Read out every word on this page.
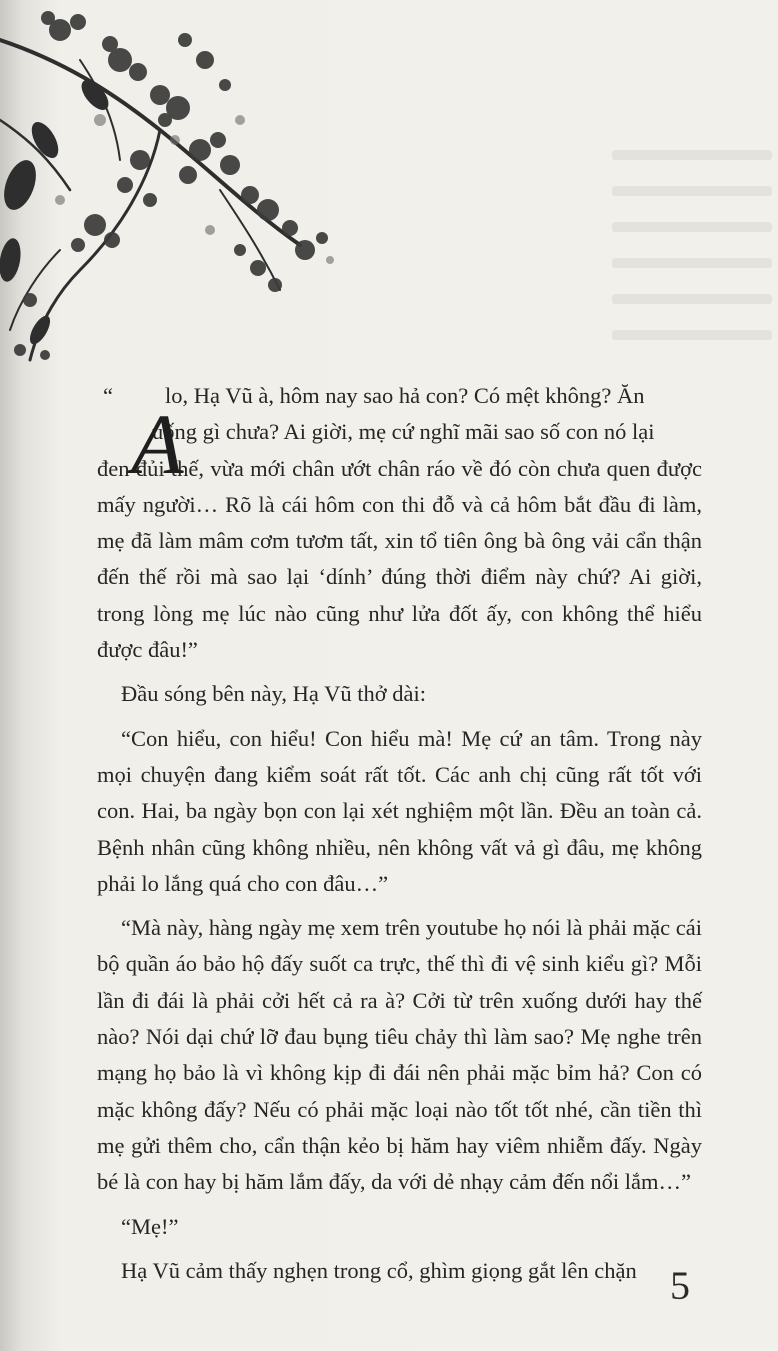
A

“ lo, Hạ Vũ à, hôm nay sao hả con? Có mệt không? Ăn

uống gì chưa? Ai giời, mẹ cứ nghĩ mãi sao số con nó lại

đen đủi thế, vừa mới chân ướt chân ráo về đó còn chưa quen được mấy người… Rõ là cái hôm con thi đỗ và cả hôm bắt đầu đi làm, mẹ đã làm mâm cơm tươm tất, xin tổ tiên ông bà ông vải cẩn thận đến thế rồi mà sao lại ‘dính’ đúng thời điểm này chứ? Ai giời, trong lòng mẹ lúc nào cũng như lửa đốt ấy, con không thể hiểu được đâu!”

Đầu sóng bên này, Hạ Vũ thở dài:

“Con hiểu, con hiểu! Con hiểu mà! Mẹ cứ an tâm. Trong này mọi chuyện đang kiểm soát rất tốt. Các anh chị cũng rất tốt với con. Hai, ba ngày bọn con lại xét nghiệm một lần. Đều an toàn cả. Bệnh nhân cũng không nhiều, nên không vất vả gì đâu, mẹ không phải lo lắng quá cho con đâu…”

“Mà này, hàng ngày mẹ xem trên youtube họ nói là phải mặc cái bộ quần áo bảo hộ đấy suốt ca trực, thế thì đi vệ sinh kiểu gì? Mỗi lần đi đái là phải cởi hết cả ra à? Cởi từ trên xuống dưới hay thế nào? Nói dại chứ lỡ đau bụng tiêu chảy thì làm sao? Mẹ nghe trên mạng họ bảo là vì không kịp đi đái nên phải mặc bỉm hả? Con có mặc không đấy? Nếu có phải mặc loại nào tốt tốt nhé, cần tiền thì mẹ gửi thêm cho, cẩn thận kẻo bị hăm hay viêm nhiễm đấy. Ngày bé là con hay bị hăm lắm đấy, da với dẻ nhạy cảm đến nổi lắm…”

“Mẹ!”

Hạ Vũ cảm thấy nghẹn trong cổ, ghìm giọng gắt lên chặn 5
